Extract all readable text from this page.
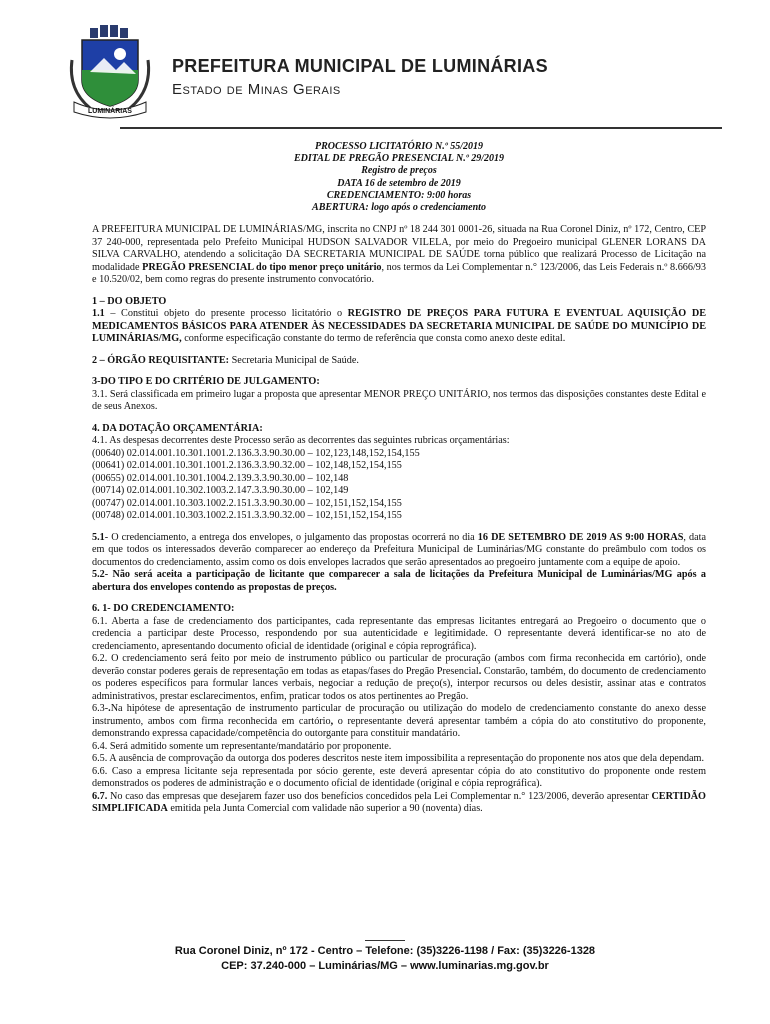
LUMINÁRIAS
PREFEITURA MUNICIPAL DE LUMINÁRIAS
Estado de Minas Gerais
PROCESSO LICITATÓRIO N.º 55/2019
EDITAL DE PREGÃO PRESENCIAL N.º 29/2019
Registro de preços
DATA 16 de setembro de 2019
CREDENCIAMENTO: 9:00 horas
ABERTURA: logo após o credenciamento

A PREFEITURA MUNICIPAL DE LUMINÁRIAS/MG, inscrita no CNPJ nº 18 244 301 0001-26, situada na Rua Coronel Diniz, nº 172, Centro, CEP 37 240-000, representada pelo Prefeito Municipal HUDSON SALVADOR VILELA, por meio do Pregoeiro municipal GLENER LORANS DA SILVA CARVALHO, atendendo a solicitação DA SECRETARIA MUNICIPAL DE SAÚDE torna público que realizará Processo de Licitação na modalidade PREGÃO PRESENCIAL do tipo menor preço unitário, nos termos da Lei Complementar n.° 123/2006, das Leis Federais n.º 8.666/93 e 10.520/02, bem como regras do presente instrumento convocatório.

1 – DO OBJETO

1.1 – Constitui objeto do presente processo licitatório o REGISTRO DE PREÇOS PARA FUTURA E EVENTUAL AQUISIÇÃO DE MEDICAMENTOS BÁSICOS PARA ATENDER ÀS NECESSIDADES DA SECRETARIA MUNICIPAL DE SAÚDE DO MUNICÍPIO DE LUMINÁRIAS/MG, conforme especificação constante do termo de referência que consta como anexo deste edital.

2 – ÓRGÃO REQUISITANTE: Secretaria Municipal de Saúde.

3-DO TIPO E DO CRITÉRIO DE JULGAMENTO:

3.1. Será classificada em primeiro lugar a proposta que apresentar MENOR PREÇO UNITÁRIO, nos termos das disposições constantes deste Edital e de seus Anexos.

4. DA DOTAÇÃO ORÇAMENTÁRIA:

4.1. As despesas decorrentes deste Processo serão as decorrentes das seguintes rubricas orçamentárias:
(00640) 02.014.001.10.301.1001.2.136.3.3.90.30.00 – 102,123,148,152,154,155
(00641) 02.014.001.10.301.1001.2.136.3.3.90.32.00 – 102,148,152,154,155
(00655) 02.014.001.10.301.1004.2.139.3.3.90.30.00 – 102,148
(00714) 02.014.001.10.302.1003.2.147.3.3.90.30.00 – 102,149
(00747) 02.014.001.10.303.1002.2.151.3.3.90.30.00 – 102,151,152,154,155
(00748) 02.014.001.10.303.1002.2.151.3.3.90.32.00 – 102,151,152,154,155

5.1- O credenciamento, a entrega dos envelopes, o julgamento das propostas ocorrerá no dia 16 DE SETEMBRO DE 2019 AS 9:00 HORAS, data em que todos os interessados deverão comparecer ao endereço da Prefeitura Municipal de Luminárias/MG constante do preâmbulo com todos os documentos do credenciamento, assim como os dois envelopes lacrados que serão apresentados ao pregoeiro juntamente com a equipe de apoio.

5.2- Não será aceita a participação de licitante que comparecer a sala de licitações da Prefeitura Municipal de Luminárias/MG após a abertura dos envelopes contendo as propostas de preços.

6. 1- DO CREDENCIAMENTO:

6.1. Aberta a fase de credenciamento dos participantes, cada representante das empresas licitantes entregará ao Pregoeiro o documento que o credencia a participar deste Processo, respondendo por sua autenticidade e legitimidade. O representante deverá identificar-se no ato de credenciamento, apresentando documento oficial de identidade (original e cópia reprográfica).

6.2. O credenciamento será feito por meio de instrumento público ou particular de procuração (ambos com firma reconhecida em cartório), onde deverão constar poderes gerais de representação em todas as etapas/fases do Pregão Presencial. Constarão, também, do documento de credenciamento os poderes específicos para formular lances verbais, negociar a redução de preço(s), interpor recursos ou deles desistir, assinar atas e contratos administrativos, prestar esclarecimentos, enfim, praticar todos os atos pertinentes ao Pregão.

6.3-.Na hipótese de apresentação de instrumento particular de procuração ou utilização do modelo de credenciamento constante do anexo desse instrumento, ambos com firma reconhecida em cartório, o representante deverá apresentar também a cópia do ato constitutivo do proponente, demonstrando expressa capacidade/competência do outorgante para constituir mandatário.

6.4. Será admitido somente um representante/mandatário por proponente.

6.5. A ausência de comprovação da outorga dos poderes descritos neste item impossibilita a representação do proponente nos atos que dela dependam.

6.6. Caso a empresa licitante seja representada por sócio gerente, este deverá apresentar cópia do ato constitutivo do proponente onde restem demonstrados os poderes de administração e o documento oficial de identidade (original e cópia reprográfica).

6.7. No caso das empresas que desejarem fazer uso dos benefícios concedidos pela Lei Complementar n.° 123/2006, deverão apresentar CERTIDÃO SIMPLIFICADA emitida pela Junta Comercial com validade não superior a 90 (noventa) dias.

Rua Coronel Diniz, nº 172 - Centro – Telefone: (35)3226-1198 / Fax: (35)3226-1328
CEP: 37.240-000 – Luminárias/MG – www.luminarias.mg.gov.br
